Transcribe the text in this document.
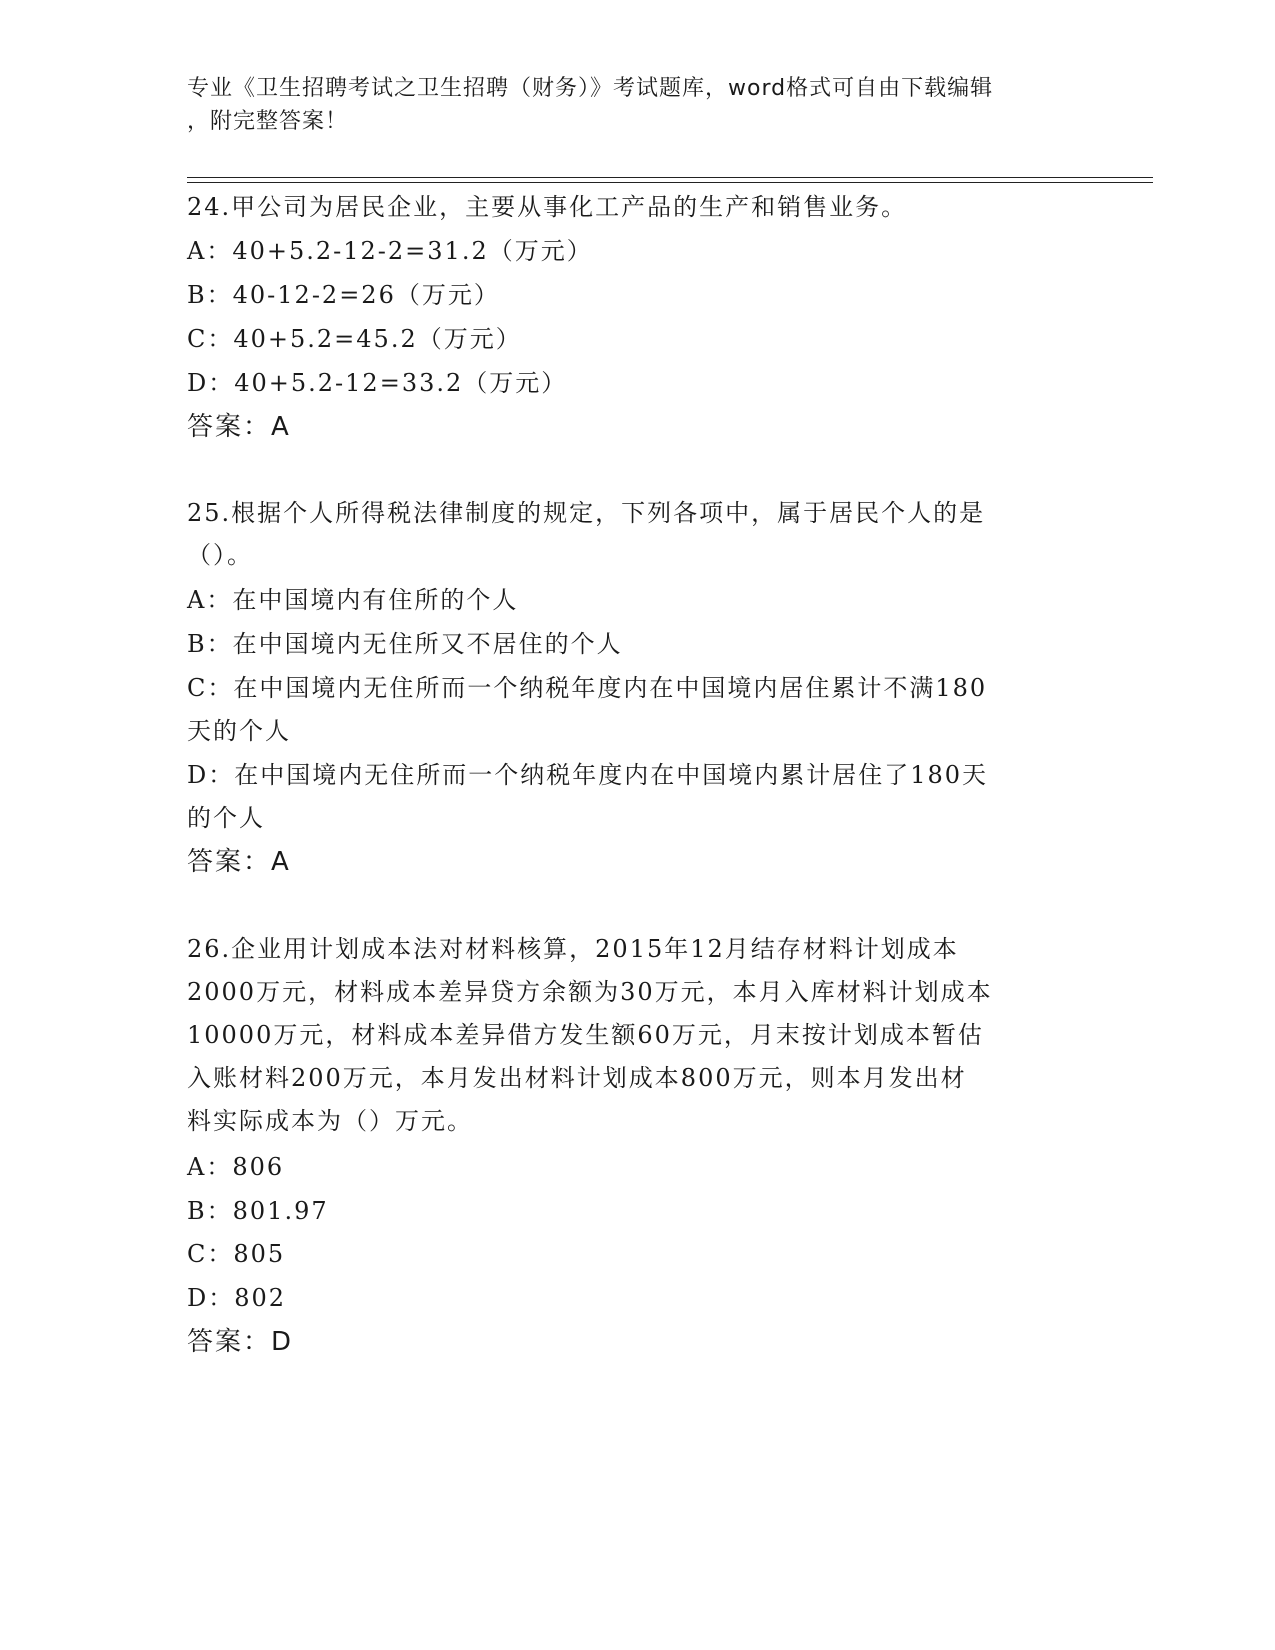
专业《卫生招聘考试之卫生招聘（财务）》考试题库，word格式可自由下载编辑
，附完整答案！
24.甲公司为居民企业，主要从事化工产品的生产和销售业务。
A：40+5.2-12-2=31.2（万元）
B：40-12-2=26（万元）
C：40+5.2=45.2（万元）
D：40+5.2-12=33.2（万元）
答案：A
25.根据个人所得税法律制度的规定，下列各项中，属于居民个人的是
（）。
A：在中国境内有住所的个人
B：在中国境内无住所又不居住的个人
C：在中国境内无住所而一个纳税年度内在中国境内居住累计不满180
天的个人
D：在中国境内无住所而一个纳税年度内在中国境内累计居住了180天
的个人
答案：A
26.企业用计划成本法对材料核算，2015年12月结存材料计划成本
2000万元，材料成本差异贷方余额为30万元，本月入库材料计划成本
10000万元，材料成本差异借方发生额60万元，月末按计划成本暂估
入账材料200万元，本月发出材料计划成本800万元，则本月发出材
料实际成本为（）万元。
A：806
B：801.97
C：805
D：802
答案：D
